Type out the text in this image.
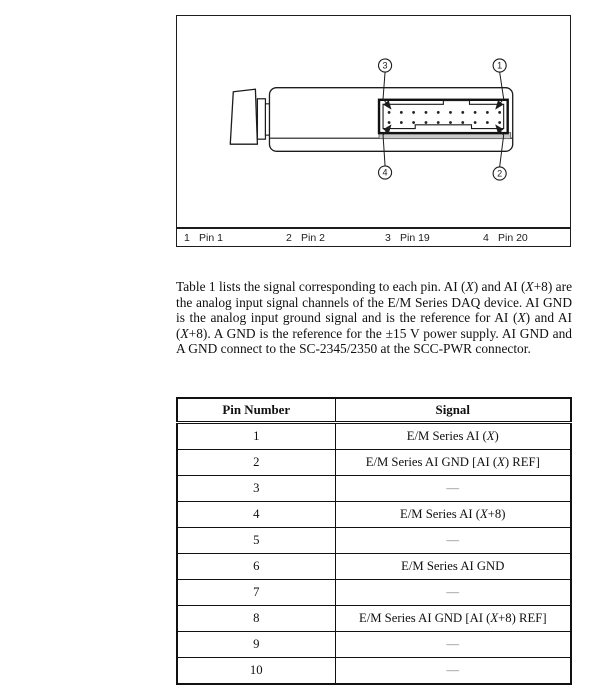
3	1
4	2
1 Pin 1	2 Pin 2	3 Pin 19	4 Pin 20

Table 1 lists the signal corresponding to each pin. AI (X) and AI (X+8) are the analog input signal channels of the E/M Series DAQ device. AI GND is the analog input ground signal and is the reference for AI (X) and AI (X+8). A GND is the reference for the ±15 V power supply. AI GND and A GND connect to the SC-2345/2350 at the SCC-PWR connector.

Pin Number	Signal
1	E/M Series AI (X)
2	E/M Series AI GND [AI (X) REF]
3	—
4	E/M Series AI (X+8)
5	—
6	E/M Series AI GND
7	—
8	E/M Series AI GND [AI (X+8) REF]
9	—
10	—
